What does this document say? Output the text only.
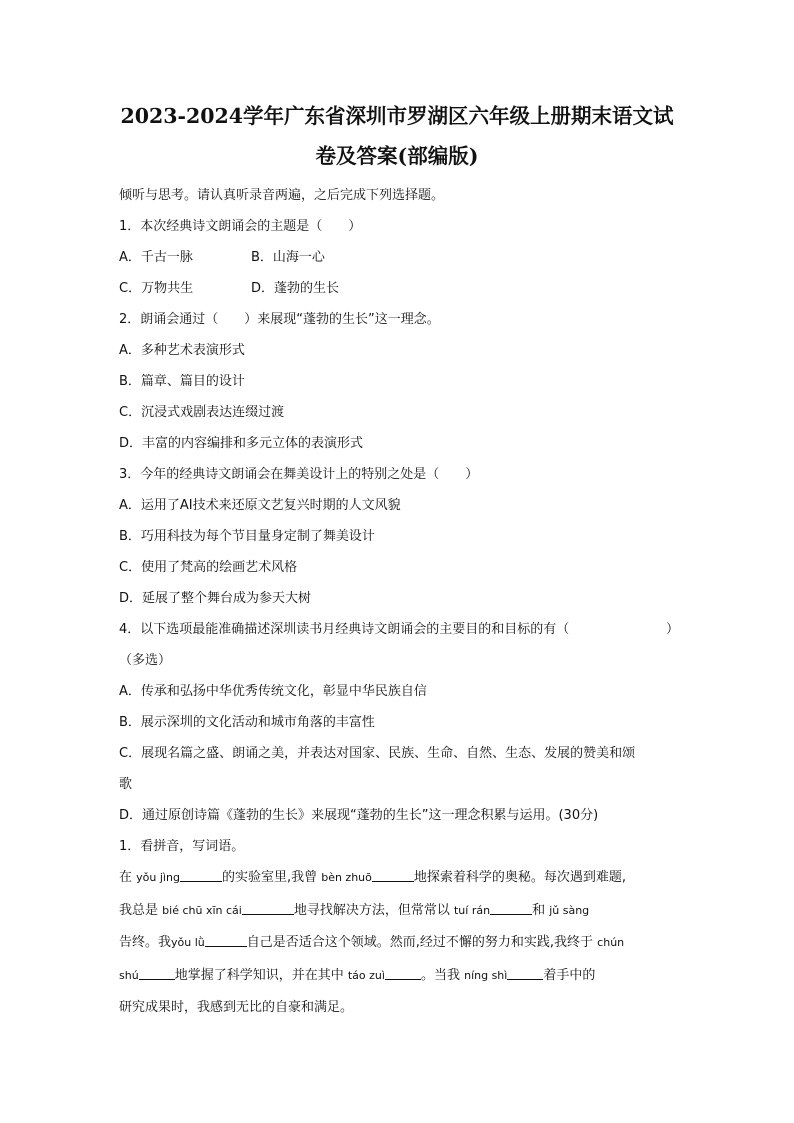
2023-2024学年广东省深圳市罗湖区六年级上册期末语文试
卷及答案(部编版)
倾听与思考。请认真听录音两遍，之后完成下列选择题。
1．本次经典诗文朗诵会的主题是（　　）
A．千古一脉	B．山海一心
C．万物共生	D．蓬勃的生长
2．朗诵会通过（　　）来展现“蓬勃的生长”这一理念。
A．多种艺术表演形式
B．篇章、篇目的设计
C．沉浸式戏剧表达连缀过渡
D．丰富的内容编排和多元立体的表演形式
3．今年的经典诗文朗诵会在舞美设计上的特别之处是（　　）
A．运用了AI技术来还原文艺复兴时期的人文风貌
B．巧用科技为每个节目量身定制了舞美设计
C．使用了梵高的绘画艺术风格
D．延展了整个舞台成为参天大树
4．以下选项最能准确描述深圳读书月经典诗文朗诵会的主要目的和目标的有（	）
（多选）
A．传承和弘扬中华优秀传统文化，彰显中华民族自信
B．展示深圳的文化活动和城市角落的丰富性
C．展现名篇之盛、朗诵之美，并表达对国家、民族、生命、自然、生态、发展的赞美和颂
歌
D．通过原创诗篇《蓬勃的生长》来展现“蓬勃的生长”这一理念积累与运用。(30分)
1．看拼音，写词语。
在 yǒu jìng	的实验室里,我曾 bèn zhuō	地探索着科学的奥秘。每次遇到难题,
我总是 bié chū xīn cái	地寻找解决方法，但常常以 tuí rán	和 jǔ sàng
告终。我yǒu lǜ	自己是否适合这个领域。然而,经过不懈的努力和实践,我终于 chún
shú	地掌握了科学知识，并在其中 táo zuì	。当我 níng shì	着手中的
研究成果时，我感到无比的自豪和满足。
